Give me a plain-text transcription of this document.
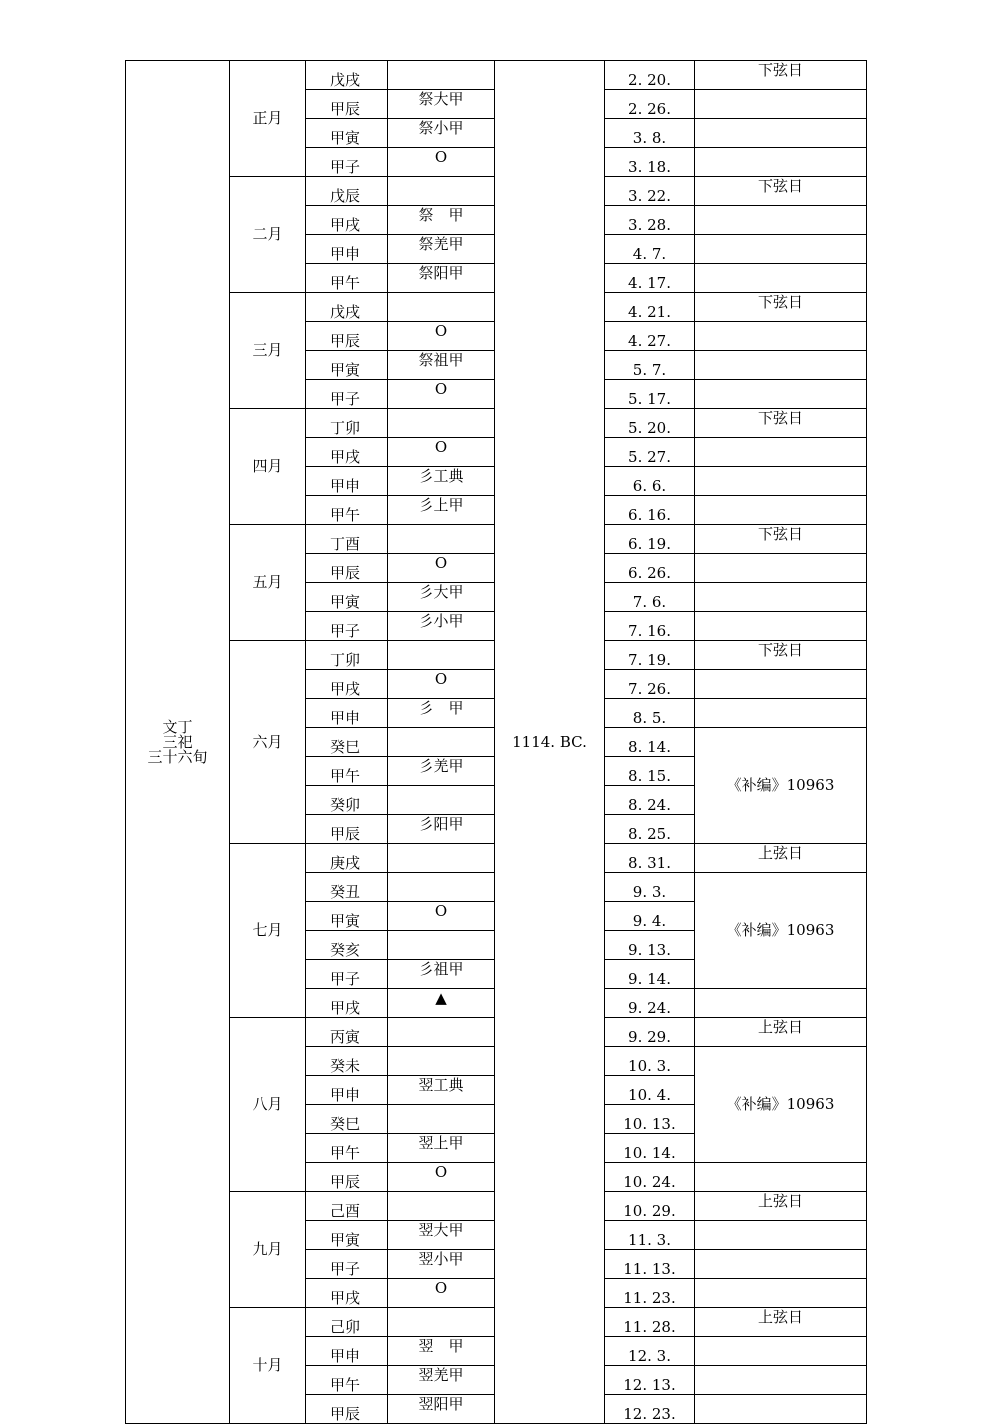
文丁
三祀
三十六旬	正月	戊戌		1114. BC.	2. 20.	下弦日
		甲辰	祭大甲		2. 26.	
		甲寅	祭小甲		3. 8.	
		甲子	O		3. 18.	
	二月	戊辰			3. 22.	下弦日
		甲戌	祭　甲		3. 28.	
		甲申	祭羌甲		4. 7.	
		甲午	祭阳甲		4. 17.	
	三月	戊戌			4. 21.	下弦日
		甲辰	O		4. 27.	
		甲寅	祭祖甲		5. 7.	
		甲子	O		5. 17.	
	四月	丁卯			5. 20.	下弦日
		甲戌	O		5. 27.	
		甲申	彡工典		6. 6.	
		甲午	彡上甲		6. 16.	
	五月	丁酉			6. 19.	下弦日
		甲辰	O		6. 26.	
		甲寅	彡大甲		7. 6.	
		甲子	彡小甲		7. 16.	
	六月	丁卯			7. 19.	下弦日
		甲戌	O		7. 26.	
		甲申	彡　甲		8. 5.	
		癸巳			8. 14.	《补编》10963
		甲午	彡羌甲		8. 15.	
		癸卯			8. 24.	
		甲辰	彡阳甲		8. 25.	
	七月	庚戌			8. 31.	上弦日
		癸丑			9. 3.	《补编》10963
		甲寅	O		9. 4.	
		癸亥			9. 13.	
		甲子	彡祖甲		9. 14.	
		甲戌	▲		9. 24.	
	八月	丙寅			9. 29.	上弦日
		癸未			10. 3.	《补编》10963
		甲申	翌工典		10. 4.	
		癸巳			10. 13.	
		甲午	翌上甲		10. 14.	
		甲辰	O		10. 24.	
	九月	己酉			10. 29.	上弦日
		甲寅	翌大甲		11. 3.	
		甲子	翌小甲		11. 13.	
		甲戌	O		11. 23.	
	十月	己卯			11. 28.	上弦日
		甲申	翌　甲		12. 3.	
		甲午	翌羌甲		12. 13.	
		甲辰	翌阳甲		12. 23.	
